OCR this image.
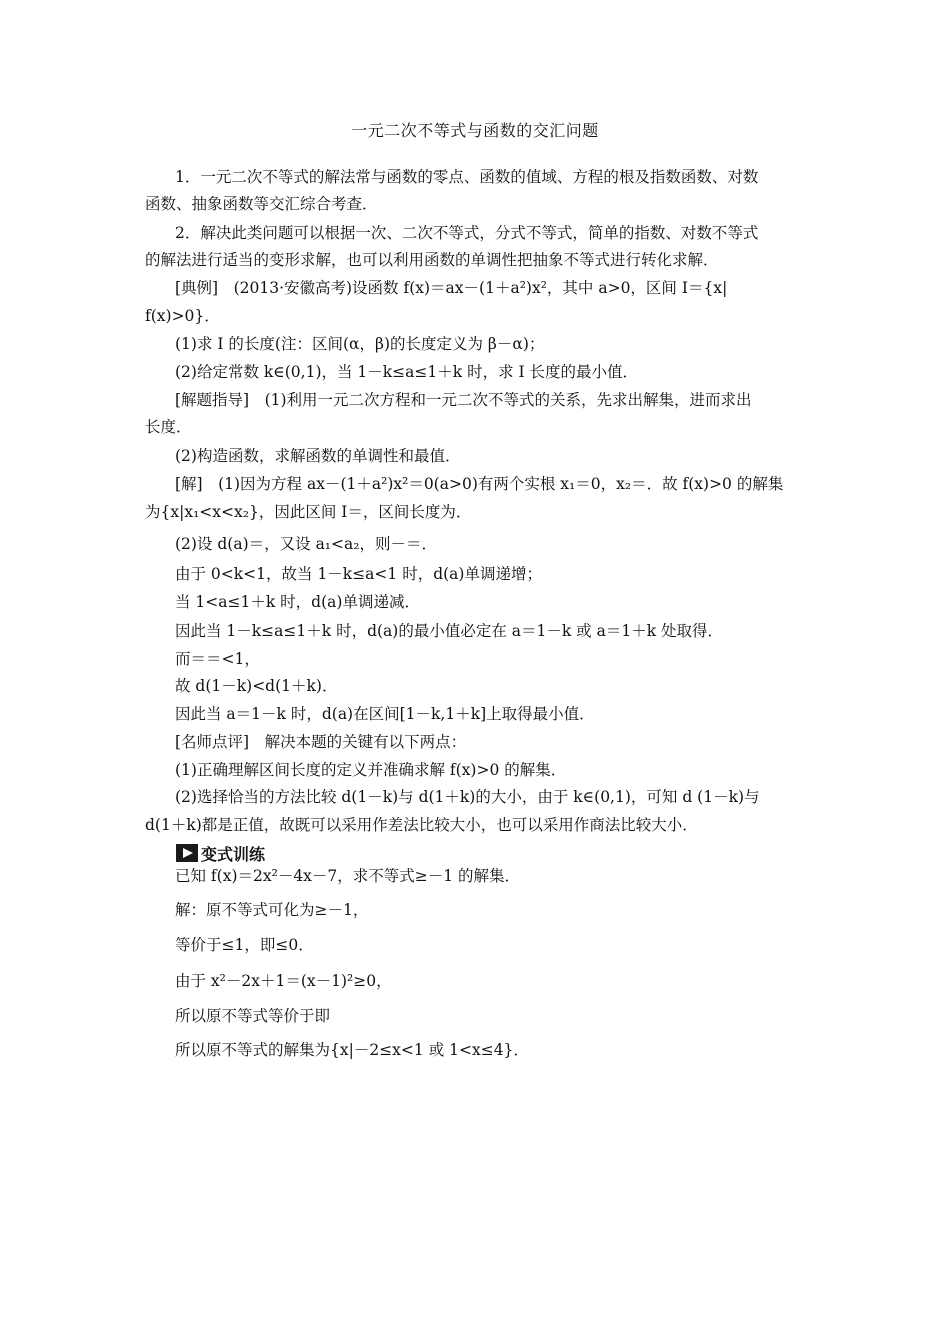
一元二次不等式与函数的交汇问题
1．一元二次不等式的解法常与函数的零点、函数的值域、方程的根及指数函数、对数
函数、抽象函数等交汇综合考查．
2．解决此类问题可以根据一次、二次不等式，分式不等式，简单的指数、对数不等式
的解法进行适当的变形求解，也可以利用函数的单调性把抽象不等式进行转化求解．
[典例]　(2013·安徽高考)设函数 f(x)＝ax－(1＋a²)x²，其中 a>0，区间 I＝{x|
f(x)>0}．
(1)求 I 的长度(注：区间(α，β)的长度定义为 β－α)；
(2)给定常数 k∈(0,1)，当 1－k≤a≤1＋k 时，求 I 长度的最小值．
[解题指导]　(1)利用一元二次方程和一元二次不等式的关系，先求出解集，进而求出
长度．
(2)构造函数，求解函数的单调性和最值．
[解]　(1)因为方程 ax－(1＋a²)x²＝0(a>0)有两个实根 x₁＝0，x₂＝．故 f(x)>0 的解集
为{x|x₁<x<x₂}，因此区间 I＝，区间长度为．
(2)设 d(a)＝，又设 a₁<a₂，则－＝．
由于 0<k<1，故当 1－k≤a<1 时，d(a)单调递增；
当 1<a≤1＋k 时，d(a)单调递减．
因此当 1－k≤a≤1＋k 时，d(a)的最小值必定在 a＝1－k 或 a＝1＋k 处取得．
而＝＝<1，
故 d(1－k)<d(1＋k)．
因此当 a＝1－k 时，d(a)在区间[1－k,1＋k]上取得最小值．
[名师点评]　解决本题的关键有以下两点：
(1)正确理解区间长度的定义并准确求解 f(x)>0 的解集．
(2)选择恰当的方法比较 d(1－k)与 d(1＋k)的大小，由于 k∈(0,1)，可知 d (1－k)与
d(1＋k)都是正值，故既可以采用作差法比较大小，也可以采用作商法比较大小．
变式训练
已知 f(x)＝2x²－4x－7，求不等式≥－1 的解集．
解：原不等式可化为≥－1，
等价于≤1，即≤0．
由于 x²－2x＋1＝(x－1)²≥0，
所以原不等式等价于即
所以原不等式的解集为{x|－2≤x<1 或 1<x≤4}．
